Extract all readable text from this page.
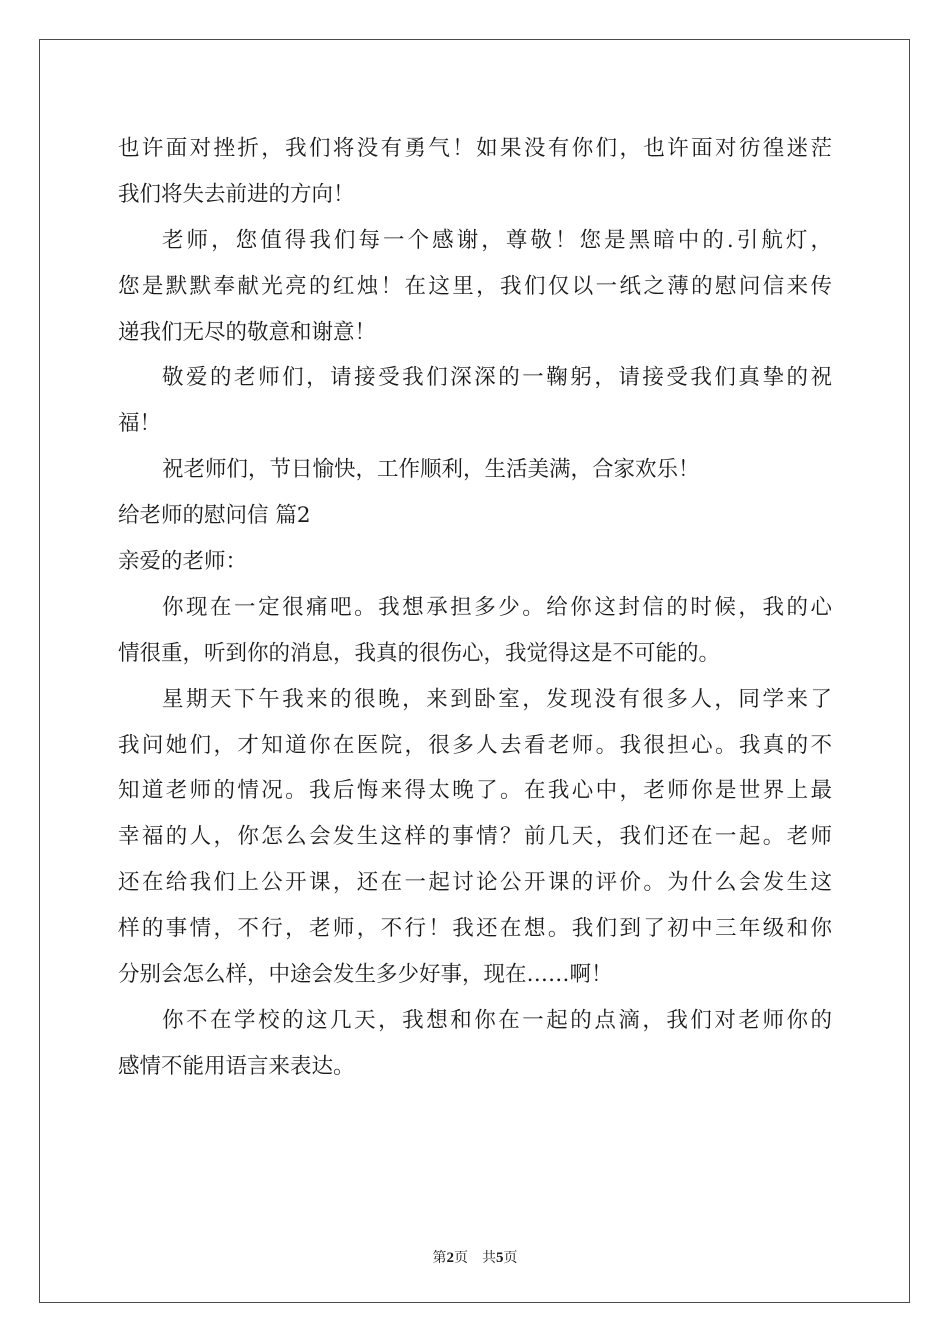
也许面对挫折，我们将没有勇气！如果没有你们，也许面对彷徨迷茫
我们将失去前进的方向！
老师，您值得我们每一个感谢，尊敬！您是黑暗中的.引航灯，
您是默默奉献光亮的红烛！在这里，我们仅以一纸之薄的慰问信来传
递我们无尽的敬意和谢意！
敬爱的老师们，请接受我们深深的一鞠躬，请接受我们真挚的祝
福！
祝老师们，节日愉快，工作顺利，生活美满，合家欢乐！
给老师的慰问信 篇2
亲爱的老师：
你现在一定很痛吧。我想承担多少。给你这封信的时候，我的心
情很重，听到你的消息，我真的很伤心，我觉得这是不可能的。
星期天下午我来的很晚，来到卧室，发现没有很多人，同学来了
我问她们，才知道你在医院，很多人去看老师。我很担心。我真的不
知道老师的情况。我后悔来得太晚了。在我心中，老师你是世界上最
幸福的人，你怎么会发生这样的事情？前几天，我们还在一起。老师
还在给我们上公开课，还在一起讨论公开课的评价。为什么会发生这
样的事情，不行，老师，不行！我还在想。我们到了初中三年级和你
分别会怎么样，中途会发生多少好事，现在……啊！
你不在学校的这几天，我想和你在一起的点滴，我们对老师你的
感情不能用语言来表达。
第2页 共5页
